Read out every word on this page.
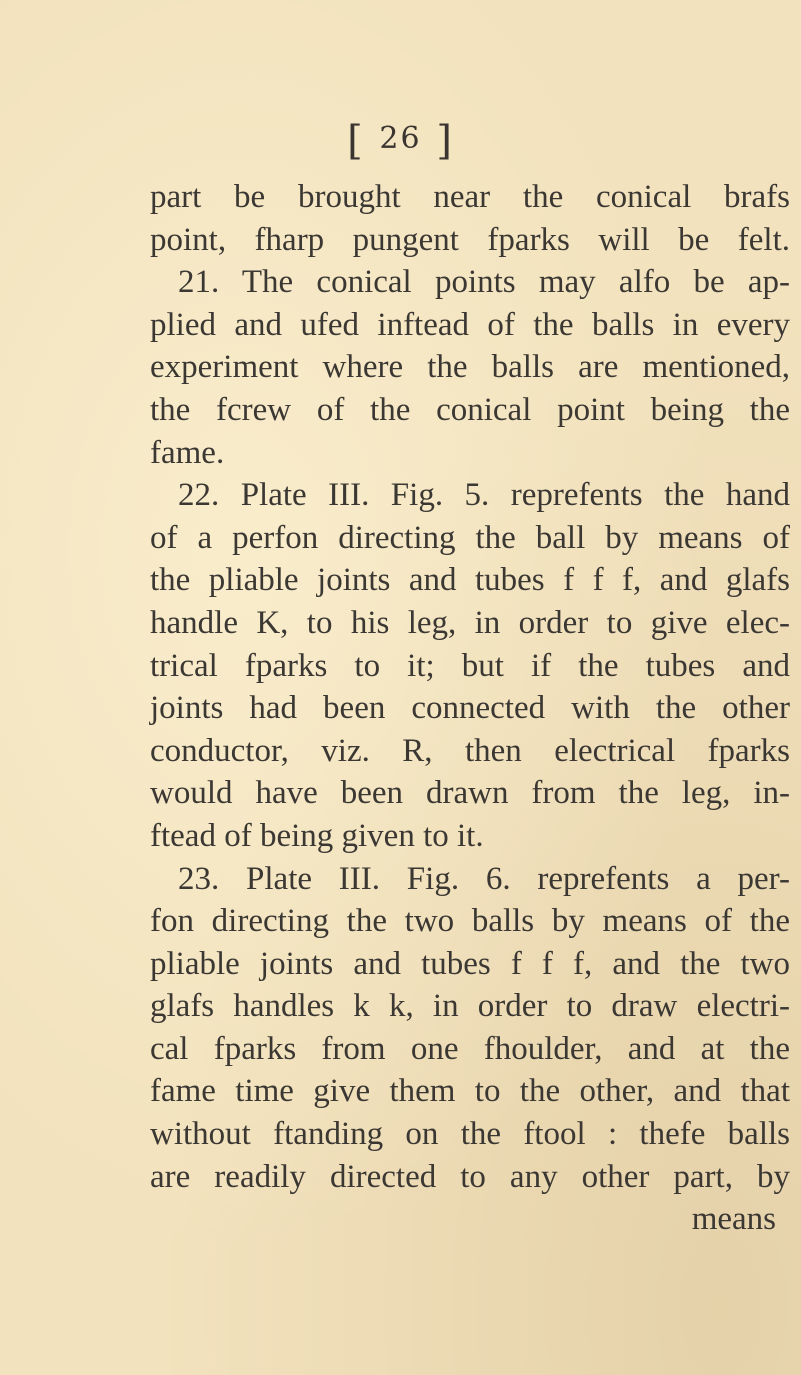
[ 26 ]
part be brought near the conical brafs
point, fharp pungent fparks will be felt.
21. The conical points may alfo be ap-
plied and ufed inftead of the balls in every
experiment where the balls are mentioned,
the fcrew of the conical point being the
fame.
22. Plate III. Fig. 5. reprefents the hand
of a perfon directing the ball by means of
the pliable joints and tubes f f f, and glafs
handle K, to his leg, in order to give elec-
trical fparks to it; but if the tubes and
joints had been connected with the other
conductor, viz. R, then electrical fparks
would have been drawn from the leg, in-
ftead of being given to it.
23. Plate III. Fig. 6. reprefents a per-
fon directing the two balls by means of the
pliable joints and tubes f f f, and the two
glafs handles k k, in order to draw electri-
cal fparks from one fhoulder, and at the
fame time give them to the other, and that
without ftanding on the ftool : thefe balls
are readily directed to any other part, by
means
